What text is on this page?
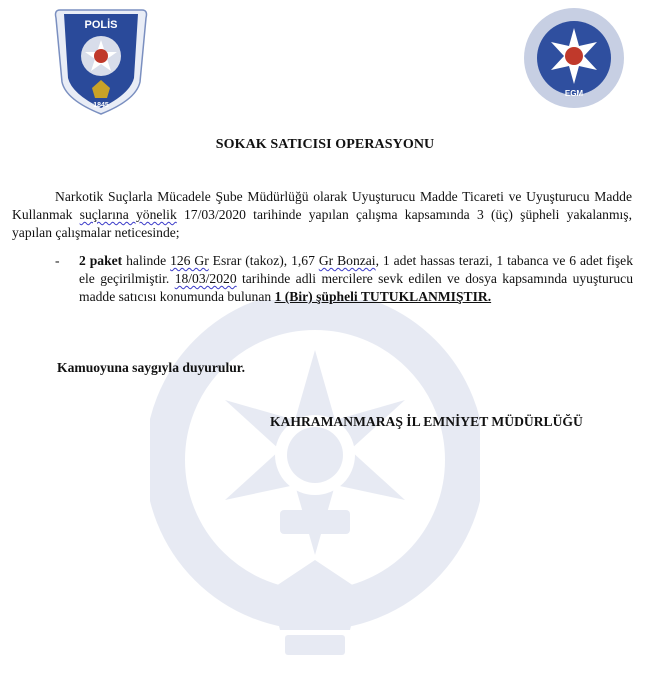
POLİS
1845
EGM
SOKAK SATICISI OPERASYONU
Narkotik Suçlarla Mücadele Şube Müdürlüğü olarak Uyuşturucu Madde Ticareti ve Uyuşturucu Madde Kullanmak suçlarına yönelik 17/03/2020 tarihinde yapılan çalışma kapsamında 3 (üç) şüpheli yakalanmış, yapılan çalışmalar neticesinde;
- 2 paket halinde 126 Gr Esrar (takoz), 1,67 Gr Bonzai, 1 adet hassas terazi, 1 tabanca ve 6 adet fişek ele geçirilmiştir. 18/03/2020 tarihinde adli mercilere sevk edilen ve dosya kapsamında uyuşturucu madde satıcısı konumunda bulunan 1 (Bir) şüpheli TUTUKLANMIŞTIR.
Kamuoyuna saygıyla duyurulur.
KAHRAMANMARAŞ İL EMNİYET MÜDÜRLÜĞÜ
